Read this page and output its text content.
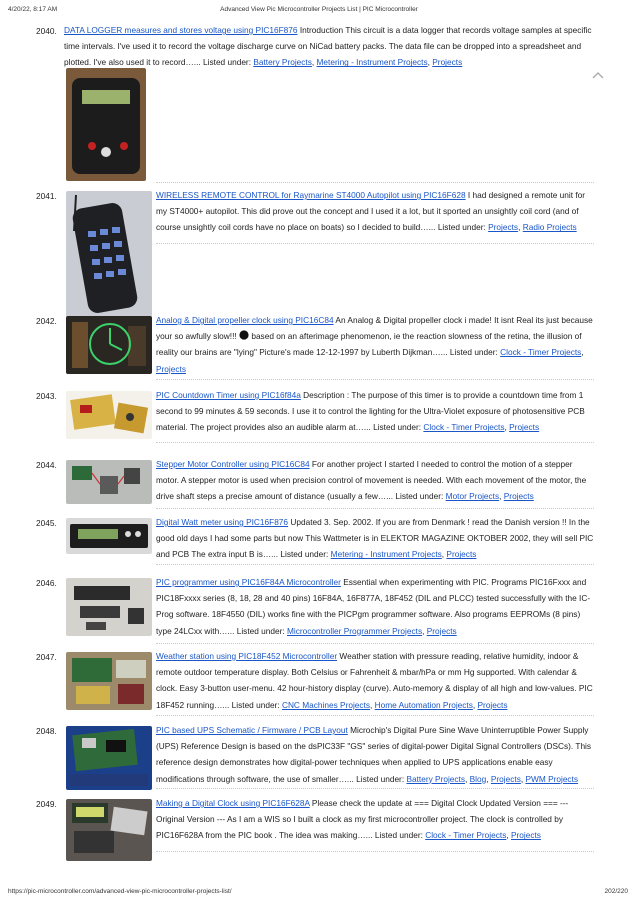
4/20/22, 8:17 AM	Advanced View Pic Microcontroller Projects List | PIC Microcontroller
2040. DATA LOGGER measures and stores voltage using PIC16F876 Introduction This circuit is a data logger that records voltage samples at specific time intervals. I've used it to record the voltage discharge curve on NiCad battery packs. The data file can be dropped into a spreadsheet and plotted. I've also used it to record…... Listed under: Battery Projects, Metering - Instrument Projects, Projects
2041.	WIRELESS REMOTE CONTROL for Raymarine ST4000 Autopilot using PIC16F628 I had designed a remote unit for my ST4000+ autopilot. This did prove out the concept and I used it a lot, but it sported an unsightly coil cord (and of course unsightly coil cords have no place on boats) so I decided to build…... Listed under: Projects, Radio Projects
2042.	Analog & Digital propeller clock using PIC16C84 An Analog & Digital propeller clock i made! It isnt Real its just because your so awfully slow!!! based on an afterimage phenomenon, ie the reaction slowness of the retina, the illusion of reality our brains are "lying" Picture's made 12-12-1997 by Luberth Dijkman…... Listed under: Clock - Timer Projects, Projects
2043.	PIC Countdown Timer using PIC16f84a Description : The purpose of this timer is to provide a countdown time from 1 second to 99 minutes & 59 seconds. I use it to control the lighting for the Ultra-Violet exposure of photosensitive PCB material. The project provides also an audible alarm at…... Listed under: Clock - Timer Projects, Projects
2044.	Stepper Motor Controller using PIC16C84 For another project I started I needed to control the motion of a stepper motor. A stepper motor is used when precision control of movement is needed. With each movement of the motor, the drive shaft steps a precise amount of distance (usually a few…... Listed under: Motor Projects, Projects
2045.	Digital Watt meter using PIC16F876 Updated 3. Sep. 2002. If you are from Denmark ! read the Danish version !! In the good old days I had some parts but now This Wattmeter is in ELEKTOR MAGAZINE OKTOBER 2002, they will sell PIC and PCB The extra input B is…... Listed under: Metering - Instrument Projects, Projects
2046.	PIC programmer using PIC16F84A Microcontroller Essential when experimenting with PIC. Programs PIC16Fxxx and PIC18Fxxxx series (8, 18, 28 and 40 pins) 16F84A, 16F877A, 18F452 (DIL and PLCC) tested successfully with the IC-Prog software. 18F4550 (DIL) works fine with the PICPgm programmer software. Also programs EEPROMs (8 pins) type 24LCxx with…... Listed under: Microcontroller Programmer Projects, Projects
2047.	Weather station using PIC18F452 Microcontroller Weather station with pressure reading, relative humidity, indoor & remote outdoor temperature display. Both Celsius or Fahrenheit & mbar/hPa or mm Hg supported. With calendar & clock. Easy 3-button user-menu. 42 hour-history display (curve). Auto-memory & display of all high and low-values. PIC 18F452 running…... Listed under: CNC Machines Projects, Home Automation Projects, Projects
2048.	PIC based UPS Schematic / Firmware / PCB Layout Microchip's Digital Pure Sine Wave Uninterruptible Power Supply (UPS) Reference Design is based on the dsPIC33F "GS" series of digital-power Digital Signal Controllers (DSCs). This reference design demonstrates how digital-power techniques when applied to UPS applications enable easy modifications through software, the use of smaller…... Listed under: Battery Projects, Blog, Projects, PWM Projects
2049.	Making a Digital Clock using PIC16F628A Please check the update at === Digital Clock Updated Version === --- Original Version --- As I am a WIS so I built a clock as my first microcontroller project. The clock is controlled by PIC16F628A from the PIC book . The idea was making…... Listed under: Clock - Timer Projects, Projects
https://pic-microcontroller.com/advanced-view-pic-microcontroller-projects-list/	202/220
